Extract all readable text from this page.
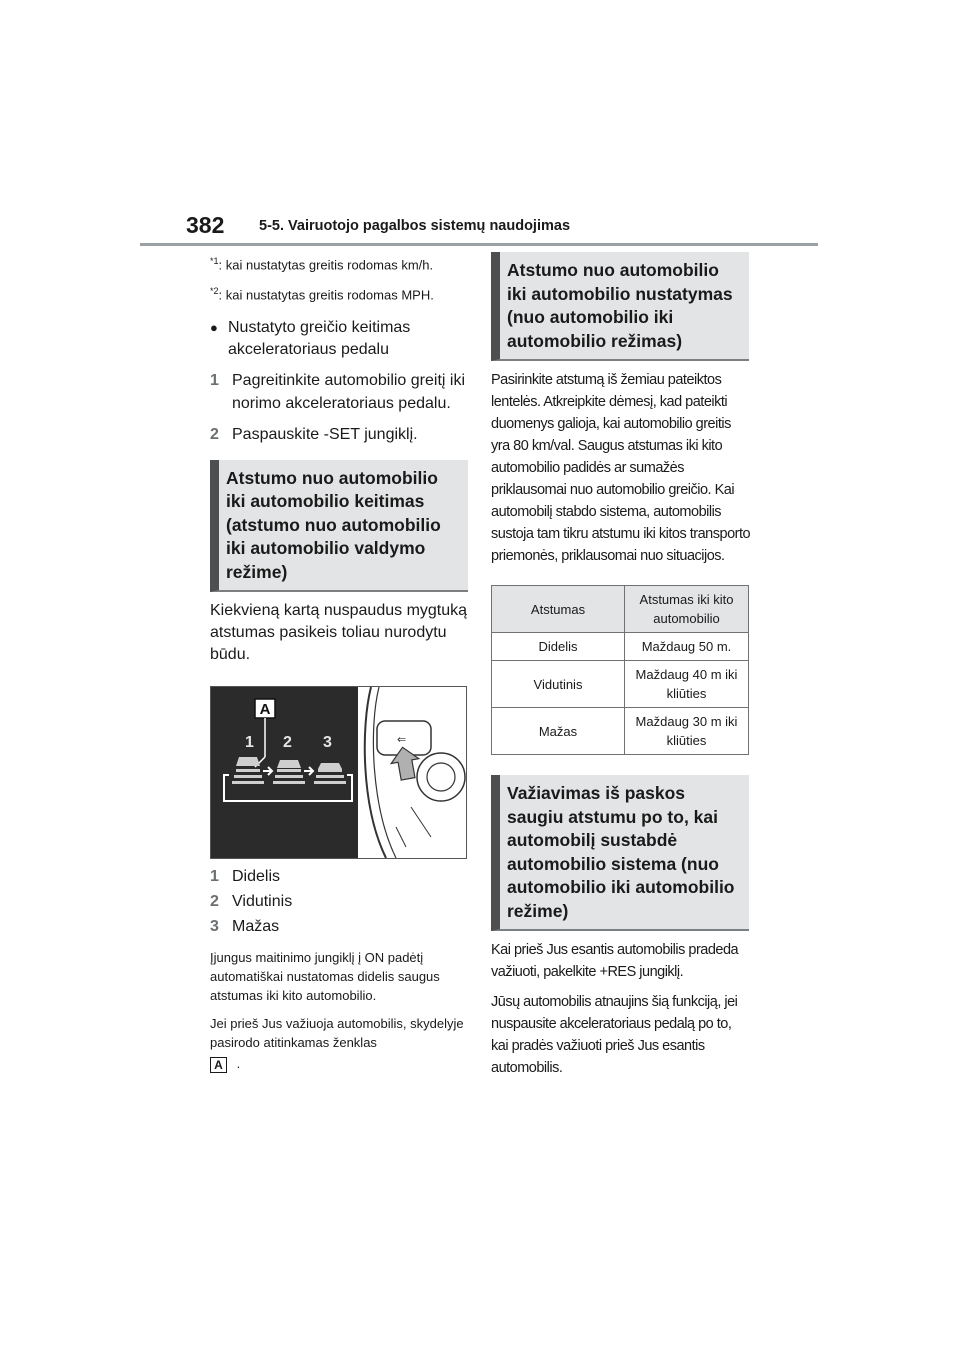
382 5-5. Vairuotojo pagalbos sistemų naudojimas

$^{*1}$: kai nustatytas greitis rodomas km/h.

$^{*2}$: kai nustatytas greitis rodomas MPH.

● Nustatyto greičio keitimas akceleratoriaus pedalu
1 Pagreitinkite automobilio greitį iki norimo akceleratoriaus pedalu.
2 Paspauskite -SET jungiklį.
Atstumo nuo automobilio iki automobilio keitimas (atstumo nuo automobilio iki automobilio valdymo režime)

Kiekvieną kartą nuspaudus mygtuką atstumas pasikeis toliau nurodytu būdu.

A
1 2 3	⇐
1 Didelis
2 Vidutinis
3 Mažas

Įjungus maitinimo jungiklį į ON padėtį automatiškai nustatomas didelis saugus atstumas iki kito automobilio.

Jei prieš Jus važiuoja automobilis, skydelyje pasirodo atitinkamas ženklas

A .
Atstumo nuo automobilio iki automobilio nustatymas (nuo automobilio iki automobilio režimas)

Pasirinkite atstumą iš žemiau pateiktos lentelės. Atkreipkite dėmesį, kad pateikti duomenys galioja, kai automobilio greitis yra 80 km/val. Saugus atstumas iki kito automobilio padidės ar sumažės priklausomai nuo automobilio greičio. Kai automobilį stabdo sistema, automobilis sustoja tam tikru atstumu iki kitos transporto priemonės, priklausomai nuo situacijos.

Atstumas	Atstumas iki kito automobilio
Didelis	Maždaug 50 m.
Vidutinis	Maždaug 40 m iki kliūties
Mažas	Maždaug 30 m iki kliūties
Važiavimas iš paskos saugiu atstumu po to, kai automobilį sustabdė automobilio sistema (nuo automobilio iki automobilio režime)

Kai prieš Jus esantis automobilis pradeda važiuoti, pakelkite +RES jungiklį.

Jūsų automobilis atnaujins šią funkciją, jei nuspausite akceleratoriaus pedalą po to, kai pradės važiuoti prieš Jus esantis automobilis.
